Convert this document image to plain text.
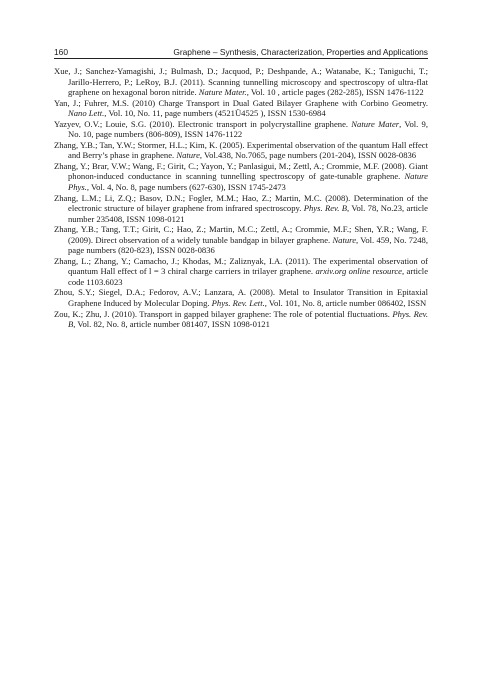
160	Graphene – Synthesis, Characterization, Properties and Applications

Xue, J.; Sanchez-Yamagishi, J.; Bulmash, D.; Jacquod, P.; Deshpande, A.; Watanabe, K.; Taniguchi, T.; Jarillo-Herrero, P.; LeRoy, B.J. (2011). Scanning tunnelling microscopy and spectroscopy of ultra-flat graphene on hexagonal boron nitride. Nature Mater., Vol. 10 , article pages (282-285), ISSN 1476-1122

Yan, J.; Fuhrer, M.S. (2010) Charge Transport in Dual Gated Bilayer Graphene with Corbino Geometry. Nano Lett., Vol. 10, No. 11, page numbers (4521Ü4525 ), ISSN 1530-6984

Yazyev, O.V.; Louie, S.G. (2010). Electronic transport in polycrystalline graphene. Nature Mater, Vol. 9, No. 10, page numbers (806-809), ISSN 1476-1122

Zhang, Y.B.; Tan, Y.W.; Stormer, H.L.; Kim, K. (2005). Experimental observation of the quantum Hall effect and Berry’s phase in graphene. Nature, Vol.438, No.7065, page numbers (201-204), ISSN 0028-0836

Zhang, Y.; Brar, V.W.; Wang, F.; Girit, C.; Yayon, Y.; Panlasigui, M.; Zettl, A.; Crommie, M.F. (2008). Giant phonon-induced conductance in scanning tunnelling spectroscopy of gate-tunable graphene. Nature Phys., Vol. 4, No. 8, page numbers (627-630), ISSN 1745-2473

Zhang, L.M.; Li, Z.Q.; Basov, D.N.; Fogler, M.M.; Hao, Z.; Martin, M.C. (2008). Determination of the electronic structure of bilayer graphene from infrared spectroscopy. Phys. Rev. B, Vol. 78, No.23, article number 235408, ISSN 1098-0121

Zhang, Y.B.; Tang, T.T.; Girit, C.; Hao, Z.; Martin, M.C.; Zettl, A.; Crommie, M.F.; Shen, Y.R.; Wang, F. (2009). Direct observation of a widely tunable bandgap in bilayer graphene. Nature, Vol. 459, No. 7248, page numbers (820-823), ISSN 0028-0836

Zhang, L.; Zhang, Y.; Camacho, J.; Khodas, M.; Zaliznyak, I.A. (2011). The experimental observation of quantum Hall effect of l = 3 chiral charge carriers in trilayer graphene. arxiv.org online resource, article code 1103.6023

Zhou, S.Y.; Siegel, D.A.; Fedorov, A.V.; Lanzara, A. (2008). Metal to Insulator Transition in Epitaxial Graphene Induced by Molecular Doping. Phys. Rev. Lett., Vol. 101, No. 8, article number 086402, ISSN

Zou, K.; Zhu, J. (2010). Transport in gapped bilayer graphene: The role of potential fluctuations. Phys. Rev. B, Vol. 82, No. 8, article number 081407, ISSN 1098-0121
